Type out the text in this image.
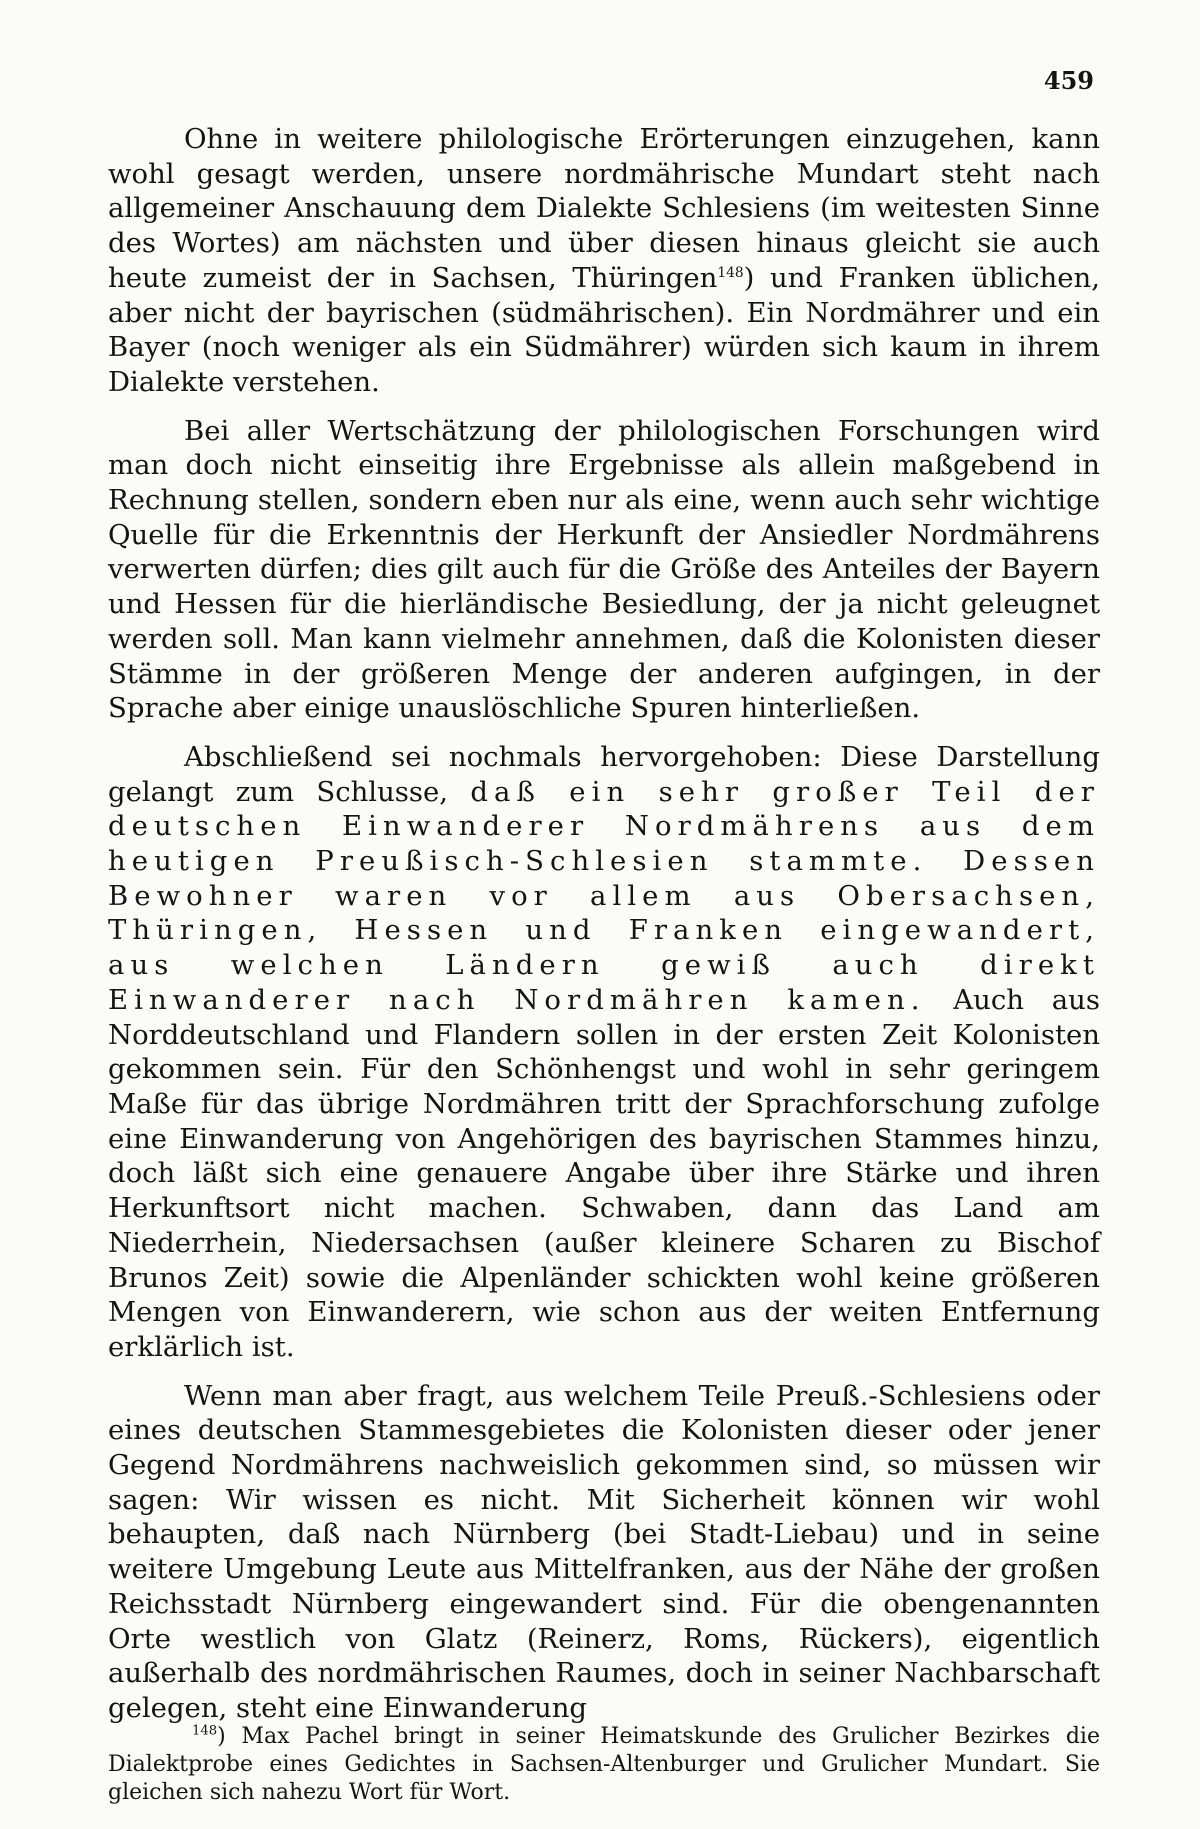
459

Ohne in weitere philologische Erörterungen einzugehen, kann wohl gesagt werden, unsere nordmährische Mundart steht nach allgemeiner Anschauung dem Dialekte Schlesiens (im weitesten Sinne des Wortes) am nächsten und über diesen hinaus gleicht sie auch heute zumeist der in Sachsen, Thüringen$^{148}$) und Franken üblichen, aber nicht der bayrischen (südmährischen). Ein Nordmährer und ein Bayer (noch weniger als ein Südmährer) würden sich kaum in ihrem Dialekte verstehen.

Bei aller Wertschätzung der philologischen Forschungen wird man doch nicht einseitig ihre Ergebnisse als allein maßgebend in Rechnung stellen, sondern eben nur als eine, wenn auch sehr wichtige Quelle für die Erkenntnis der Herkunft der Ansiedler Nordmährens verwerten dürfen; dies gilt auch für die Größe des Anteiles der Bayern und Hessen für die hierländische Besiedlung, der ja nicht geleugnet werden soll. Man kann vielmehr annehmen, daß die Kolonisten dieser Stämme in der größeren Menge der anderen aufgingen, in der Sprache aber einige unauslöschliche Spuren hinterließen.

Abschließend sei nochmals hervorgehoben: Diese Darstellung gelangt zum Schlusse, daß ein sehr großer Teil der deutschen Einwanderer Nordmährens aus dem heutigen Preußisch-Schlesien stammte. Dessen Bewohner waren vor allem aus Obersachsen, Thüringen, Hessen und Franken eingewandert, aus welchen Ländern gewiß auch direkt Einwanderer nach Nordmähren kamen. Auch aus Norddeutschland und Flandern sollen in der ersten Zeit Kolonisten gekommen sein. Für den Schönhengst und wohl in sehr geringem Maße für das übrige Nordmähren tritt der Sprachforschung zufolge eine Einwanderung von Angehörigen des bayrischen Stammes hinzu, doch läßt sich eine genauere Angabe über ihre Stärke und ihren Herkunftsort nicht machen. Schwaben, dann das Land am Niederrhein, Niedersachsen (außer kleinere Scharen zu Bischof Brunos Zeit) sowie die Alpenländer schickten wohl keine größeren Mengen von Einwanderern, wie schon aus der weiten Entfernung erklärlich ist.

Wenn man aber fragt, aus welchem Teile Preuß.-Schlesiens oder eines deutschen Stammesgebietes die Kolonisten dieser oder jener Gegend Nordmährens nachweislich gekommen sind, so müssen wir sagen: Wir wissen es nicht. Mit Sicherheit können wir wohl behaupten, daß nach Nürnberg (bei Stadt-Liebau) und in seine weitere Umgebung Leute aus Mittelfranken, aus der Nähe der großen Reichsstadt Nürnberg eingewandert sind. Für die obengenannten Orte westlich von Glatz (Reinerz, Roms, Rückers), eigentlich außerhalb des nordmährischen Raumes, doch in seiner Nachbarschaft gelegen, steht eine Einwanderung

$^{148}$) Max Pachel bringt in seiner Heimatskunde des Grulicher Bezirkes die Dialektprobe eines Gedichtes in Sachsen-Altenburger und Grulicher Mundart. Sie gleichen sich nahezu Wort für Wort.
